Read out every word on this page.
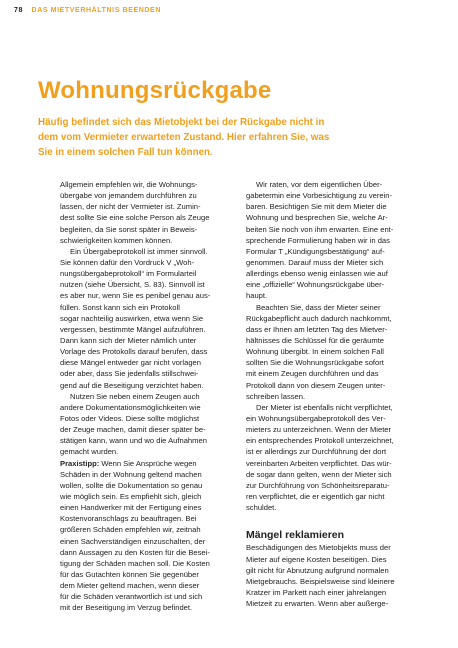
78 DAS MIETVERHÄLTNIS BEENDEN
Wohnungsrückgabe
Häufig befindet sich das Mietobjekt bei der Rückgabe nicht in
dem vom Vermieter erwarteten Zustand. Hier erfahren Sie, was
Sie in einem solchen Fall tun können.
Allgemein empfehlen wir, die Wohnungs-
übergabe von jemandem durchführen zu
lassen, der nicht der Vermieter ist. Zumin-
dest sollte Sie eine solche Person als Zeuge
begleiten, da Sie sonst später in Beweis-
schwierigkeiten kommen können.
Ein Übergabeprotokoll ist immer sinnvoll.
Sie können dafür den Vordruck V „Woh-
nungsübergabeprotokoll“ im Formularteil
nutzen (siehe Übersicht, S. 83). Sinnvoll ist
es aber nur, wenn Sie es penibel genau aus-
füllen. Sonst kann sich ein Protokoll
sogar nachteilig auswirken, etwa wenn Sie
vergessen, bestimmte Mängel aufzuführen.
Dann kann sich der Mieter nämlich unter
Vorlage des Protokolls darauf berufen, dass
diese Mängel entweder gar nicht vorlagen
oder aber, dass Sie jedenfalls stillschwei-
gend auf die Beseitigung verzichtet haben.
Nutzen Sie neben einem Zeugen auch
andere Dokumentationsmöglichkeiten wie
Fotos oder Videos. Diese sollte möglichst
der Zeuge machen, damit dieser später be-
stätigen kann, wann und wo die Aufnahmen
gemacht wurden.
Praxistipp: Wenn Sie Ansprüche wegen
Schäden in der Wohnung geltend machen
wollen, sollte die Dokumentation so genau
wie möglich sein. Es empfiehlt sich, gleich
einen Handwerker mit der Fertigung eines
Kostenvoranschlags zu beauftragen. Bei
größeren Schäden empfehlen wir, zeitnah
einen Sachverständigen einzuschalten, der
dann Aussagen zu den Kosten für die Besei-
tigung der Schäden machen soll. Die Kosten
für das Gutachten können Sie gegenüber
dem Mieter geltend machen, wenn dieser
für die Schäden verantwortlich ist und sich
mit der Beseitigung im Verzug befindet.
Wir raten, vor dem eigentlichen Über-
gabetermin eine Vorbesichtigung zu verein-
baren. Besichtigen Sie mit dem Mieter die
Wohnung und besprechen Sie, welche Ar-
beiten Sie noch von ihm erwarten. Eine ent-
sprechende Formulierung haben wir in das
Formular T „Kündigungsbestätigung“ auf-
genommen. Darauf muss der Mieter sich
allerdings ebenso wenig einlassen wie auf
eine „offizielle“ Wohnungsrückgabe über-
haupt.
Beachten Sie, dass der Mieter seiner
Rückgabepflicht auch dadurch nachkommt,
dass er Ihnen am letzten Tag des Mietver-
hältnisses die Schlüssel für die geräumte
Wohnung übergibt. In einem solchen Fall
sollten Sie die Wohnungsrückgabe sofort
mit einem Zeugen durchführen und das
Protokoll dann von diesem Zeugen unter-
schreiben lassen.
Der Mieter ist ebenfalls nicht verpflichtet,
ein Wohnungsübergabeprotokoll des Ver-
mieters zu unterzeichnen. Wenn der Mieter
ein entsprechendes Protokoll unterzeichnet,
ist er allerdings zur Durchführung der dort
vereinbarten Arbeiten verpflichtet. Das wür-
de sogar dann gelten, wenn der Mieter sich
zur Durchführung von Schönheitsreparatu-
ren verpflichtet, die er eigentlich gar nicht
schuldet.
Mängel reklamieren
Beschädigungen des Mietobjekts muss der
Mieter auf eigene Kosten beseitigen. Dies
gilt nicht für Abnutzung aufgrund normalen
Mietgebrauchs. Beispielsweise sind kleinere
Kratzer im Parkett nach einer jahrelangen
Mietzeit zu erwarten. Wenn aber außerge-
